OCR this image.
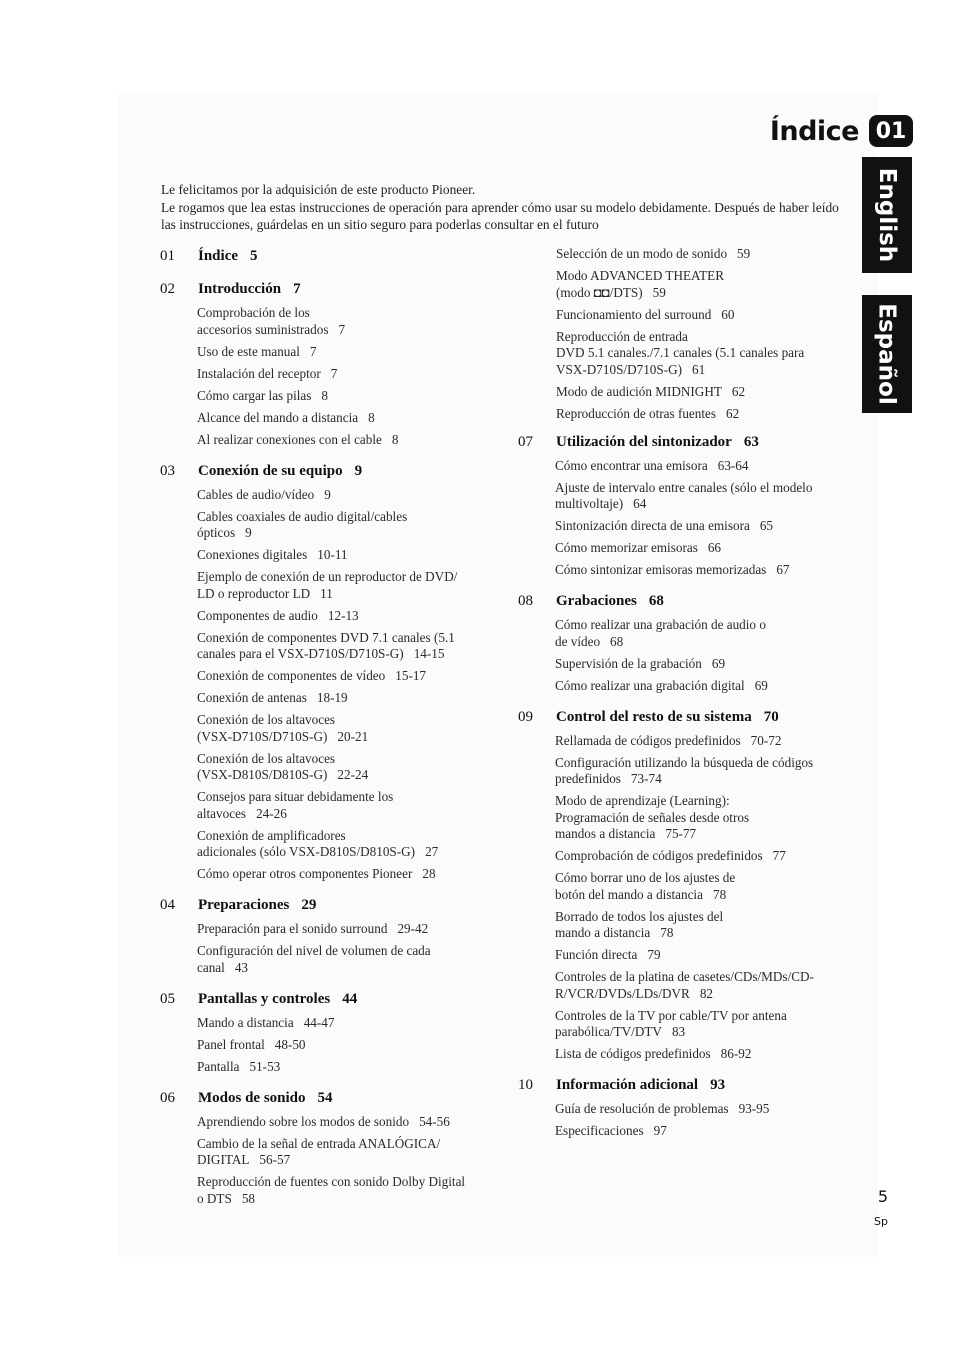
Índice 01
English
Español

Le felicitamos por la adquisición de este producto Pioneer.

Le rogamos que lea estas instrucciones de operación para aprender cómo usar su modelo debidamente. Después de haber leído las instrucciones, guárdelas en un sitio seguro para poderlas consultar en el futuro

01 Índice 5
02 Introducción 7
Comprobación de los
accesorios suministrados 7
Uso de este manual 7
Instalación del receptor 7
Cómo cargar las pilas 8
Alcance del mando a distancia 8
Al realizar conexiones con el cable 8
03 Conexión de su equipo 9
Cables de audio/vídeo 9
Cables coaxiales de audio digital/cables
ópticos 9
Conexiones digitales 10-11
Ejemplo de conexión de un reproductor de DVD/
LD o reproductor LD 11
Componentes de audio 12-13
Conexión de componentes DVD 7.1 canales (5.1
canales para el VSX-D710S/D710S-G) 14-15
Conexión de componentes de vídeo 15-17
Conexión de antenas 18-19
Conexión de los altavoces
(VSX-D710S/D710S-G) 20-21
Conexión de los altavoces
(VSX-D810S/D810S-G) 22-24
Consejos para situar debidamente los
altavoces 24-26
Conexión de amplificadores
adicionales (sólo VSX-D810S/D810S-G) 27
Cómo operar otros componentes Pioneer 28
04 Preparaciones 29
Preparación para el sonido surround 29-42
Configuración del nivel de volumen de cada
canal 43
05 Pantallas y controles 44
Mando a distancia 44-47
Panel frontal 48-50
Pantalla 51-53
06 Modos de sonido 54
Aprendiendo sobre los modos de sonido 54-56
Cambio de la señal de entrada ANALÓGICA/
DIGITAL 56-57
Reproducción de fuentes con sonido Dolby Digital
o DTS 58
Selección de un modo de sonido 59
Modo ADVANCED THEATER
(modo ◘◘/DTS) 59
Funcionamiento del surround 60
Reproducción de entrada
DVD 5.1 canales./7.1 canales (5.1 canales para
VSX-D710S/D710S-G) 61
Modo de audición MIDNIGHT 62
Reproducción de otras fuentes 62
07 Utilización del sintonizador 63
Cómo encontrar una emisora 63-64
Ajuste de intervalo entre canales (sólo el modelo
multivoltaje) 64
Sintonización directa de una emisora 65
Cómo memorizar emisoras 66
Cómo sintonizar emisoras memorizadas 67
08 Grabaciones 68
Cómo realizar una grabación de audio o
de vídeo 68
Supervisión de la grabación 69
Cómo realizar una grabación digital 69
09 Control del resto de su sistema 70
Rellamada de códigos predefinidos 70-72
Configuración utilizando la búsqueda de códigos
predefinidos 73-74
Modo de aprendizaje (Learning):
Programación de señales desde otros
mandos a distancia 75-77
Comprobación de códigos predefinidos 77
Cómo borrar uno de los ajustes de
botón del mando a distancia 78
Borrado de todos los ajustes del
mando a distancia 78
Función directa 79
Controles de la platina de casetes/CDs/MDs/CD-
R/VCR/DVDs/LDs/DVR 82
Controles de la TV por cable/TV por antena
parabólica/TV/DTV 83
Lista de códigos predefinidos 86-92
10 Información adicional 93
Guía de resolución de problemas 93-95
Especificaciones 97
5
Sp
